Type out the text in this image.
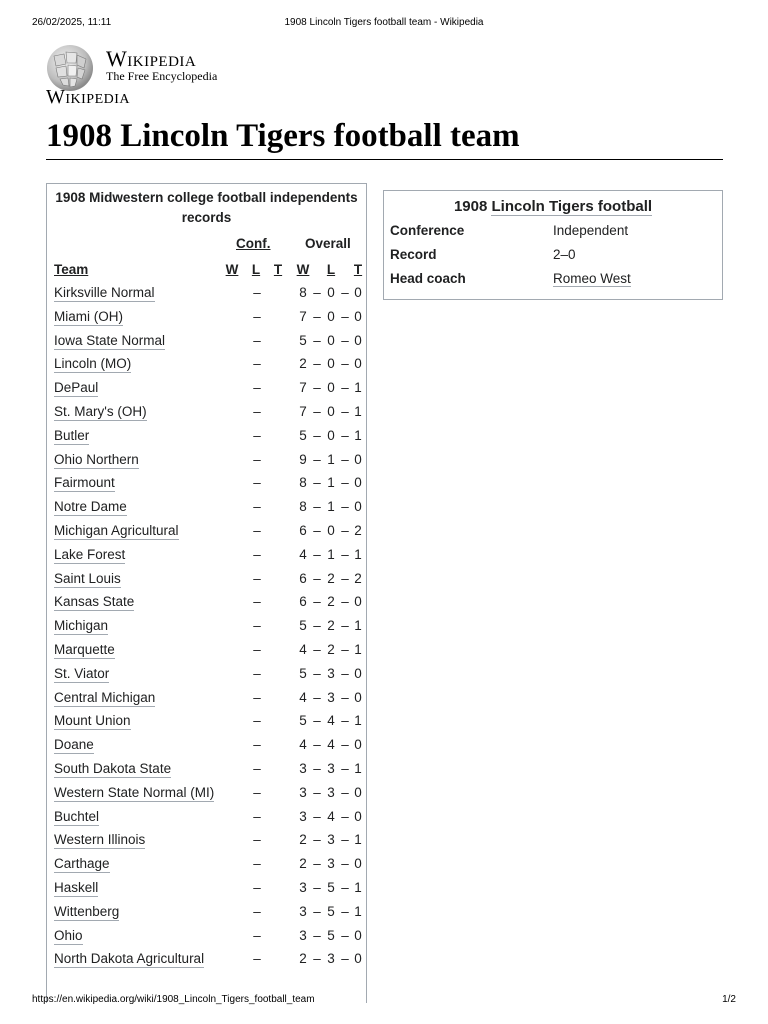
26/02/2025, 11:11	1908 Lincoln Tigers football team - Wikipedia
Wikipedia
The Free Encyclopedia
Wikipedia
1908 Lincoln Tigers football team
1908 Midwestern college football independents records
Conf.	Overall
Team	W L T W L T
Kirksville Normal	–	8 – 0 – 0
Miami (OH)	–	7 – 0 – 0
Iowa State Normal	–	5 – 0 – 0
Lincoln (MO)	–	2 – 0 – 0
DePaul	–	7 – 0 – 1
St. Mary's (OH)	–	7 – 0 – 1
Butler	–	5 – 0 – 1
Ohio Northern	–	9 – 1 – 0
Fairmount	–	8 – 1 – 0
Notre Dame	–	8 – 1 – 0
Michigan Agricultural	–	6 – 0 – 2
Lake Forest	–	4 – 1 – 1
Saint Louis	–	6 – 2 – 2
Kansas State	–	6 – 2 – 0
Michigan	–	5 – 2 – 1
Marquette	–	4 – 2 – 1
St. Viator	–	5 – 3 – 0
Central Michigan	–	4 – 3 – 0
Mount Union	–	5 – 4 – 1
Doane	–	4 – 4 – 0
South Dakota State	–	3 – 3 – 1
Western State Normal (MI)	–	3 – 3 – 0
Buchtel	–	3 – 4 – 0
Western Illinois	–	2 – 3 – 1
Carthage	–	2 – 3 – 0
Haskell	–	3 – 5 – 1
Wittenberg	–	3 – 5 – 1
Ohio	–	3 – 5 – 0
North Dakota Agricultural	–	2 – 3 – 0
1908 Lincoln Tigers football
Conference	Independent
Record	2–0
Head coach	Romeo West
https://en.wikipedia.org/wiki/1908_Lincoln_Tigers_football_team	1/2
